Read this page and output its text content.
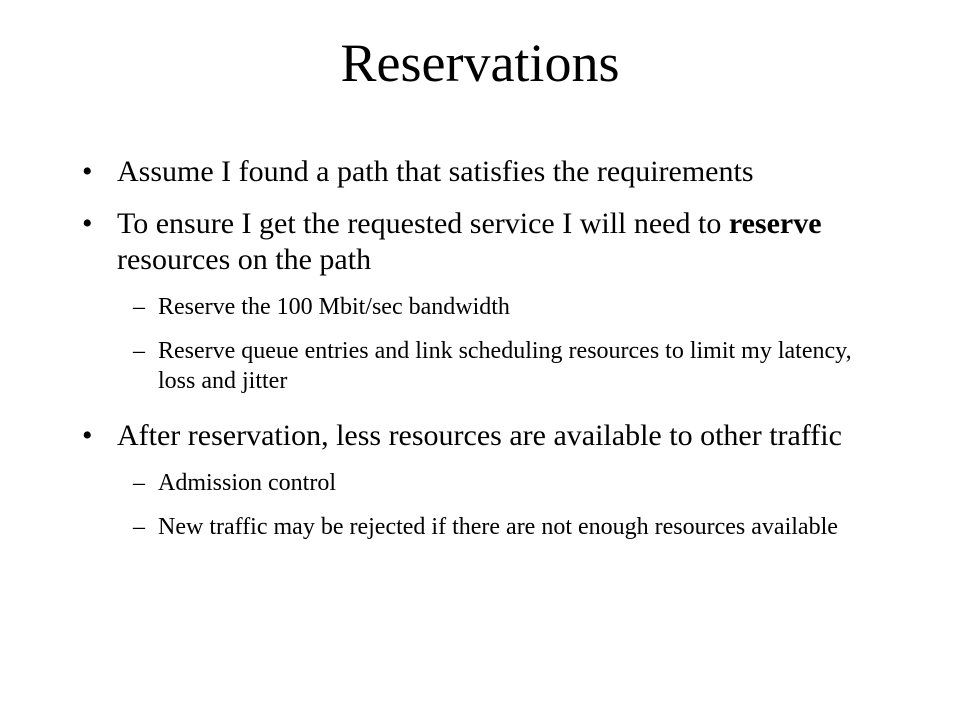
Reservations
• Assume I found a path that satisfies the requirements
• To ensure I get the requested service I will need to reserve resources on the path
– Reserve the 100 Mbit/sec bandwidth
– Reserve queue entries and link scheduling resources to limit my latency, loss and jitter
• After reservation, less resources are available to other traffic
– Admission control
– New traffic may be rejected if there are not enough resources available
